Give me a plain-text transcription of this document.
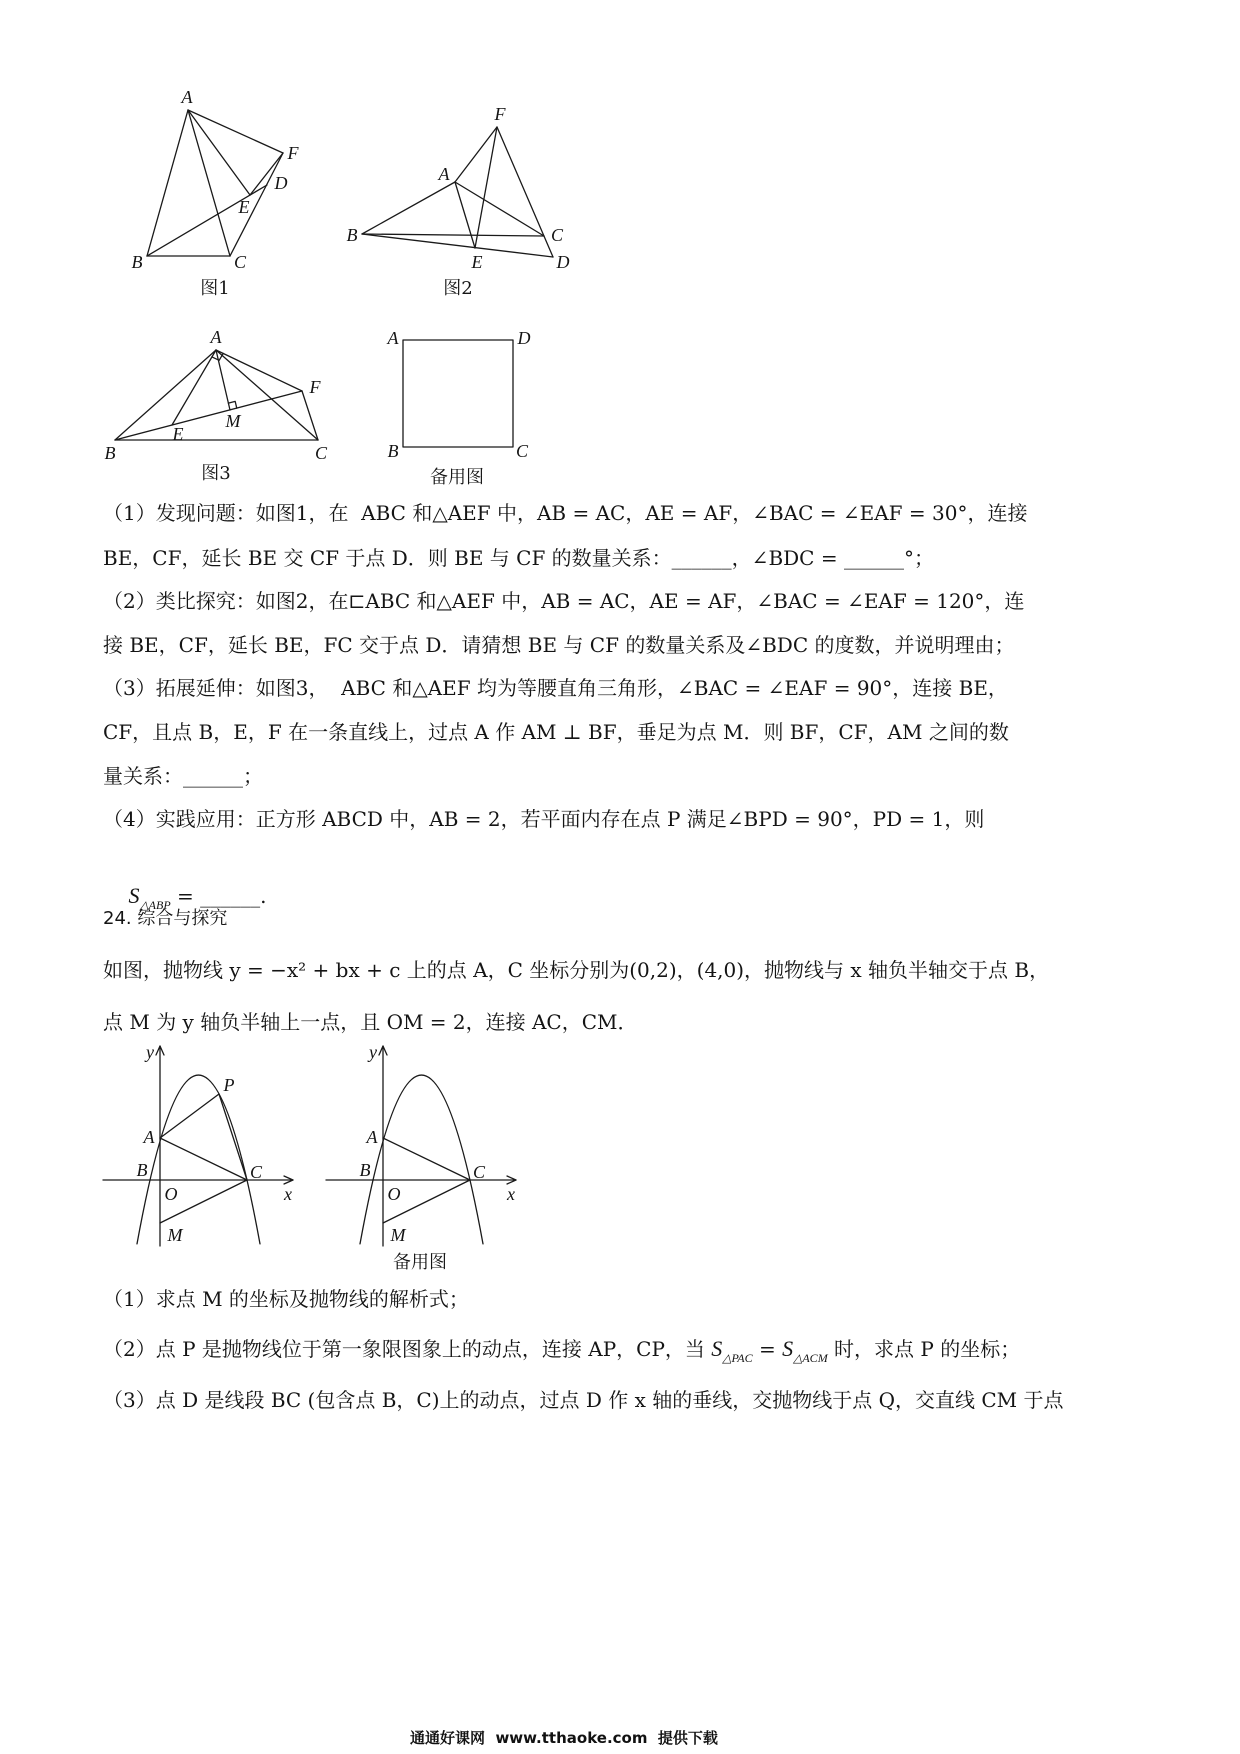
A
F
D
E
B	C
图1
F
A
B	C
E	D
图2
A
F
M
E
B	C
图3
A	D
B	C
备用图
（1）发现问题：如图1，在  ABC 和△AEF 中，AB = AC，AE = AF，∠BAC = ∠EAF = 30°，连接
BE，CF，延长 BE 交 CF 于点 D．则 BE 与 CF 的数量关系：______，∠BDC = ______°；
（2）类比探究：如图2，在⊏ABC 和△AEF 中，AB = AC，AE = AF，∠BAC = ∠EAF = 120°，连
接 BE，CF，延长 BE，FC 交于点 D．请猜想 BE 与 CF 的数量关系及∠BDC 的度数，并说明理由；
（3）拓展延伸：如图3，  ABC 和△AEF 均为等腰直角三角形，∠BAC = ∠EAF = 90°，连接 BE，
CF，且点 B，E，F 在一条直线上，过点 A 作 AM ⊥ BF，垂足为点 M．则 BF，CF，AM 之间的数
量关系：______；
（4）实践应用：正方形 ABCD 中，AB = 2，若平面内存在点 P 满足∠BPD = 90°，PD = 1，则

$S_{\triangle ABP}$ = ______.

24. 综合与探究
如图，抛物线 y = −x² + bx + c 上的点 A，C 坐标分别为(0,2)，(4,0)，抛物线与 x 轴负半轴交于点 B，
点 M 为 y 轴负半轴上一点，且 OM = 2，连接 AC，CM．
y
A
B
O
C
x
M
P
y
A
B
O
C
x
M
备用图
（1）求点 M 的坐标及抛物线的解析式；
（2）点 P 是抛物线位于第一象限图象上的动点，连接 AP，CP，当 $S_{\triangle PAC} = S_{\triangle ACM}$ 时，求点 P 的坐标；
（3）点 D 是线段 BC (包含点 B，C)上的动点，过点 D 作 x 轴的垂线，交抛物线于点 Q，交直线 CM 于点
通通好课网  www.tthaoke.com  提供下载
